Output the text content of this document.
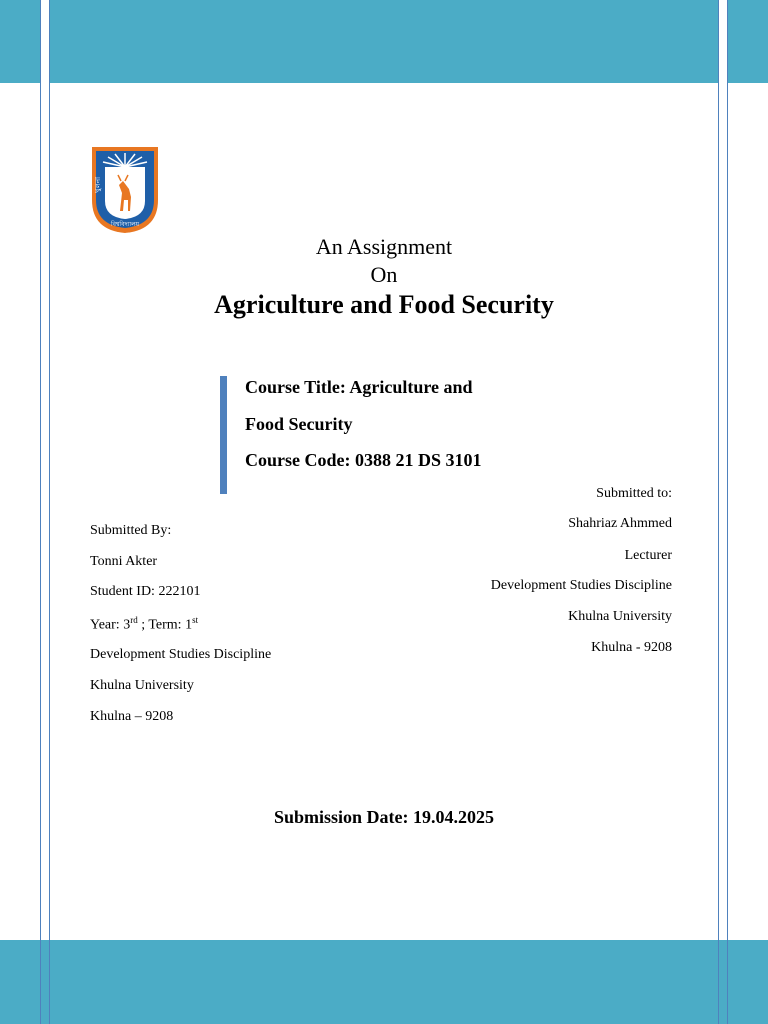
খুলনা
বিশ্ববিদ্যালয়
An Assignment
On
Agriculture and Food Security
Course Title: Agriculture and
Food Security
Course Code: 0388 21 DS 3101
Submitted to:
Shahriaz Ahmmed
Lecturer
Development Studies Discipline
Khulna University
Khulna - 9208
Submitted By:
Tonni Akter
Student ID: 222101
Year: 3rd ; Term: 1st
Development Studies Discipline
Khulna University
Khulna – 9208
Submission Date: 19.04.2025
